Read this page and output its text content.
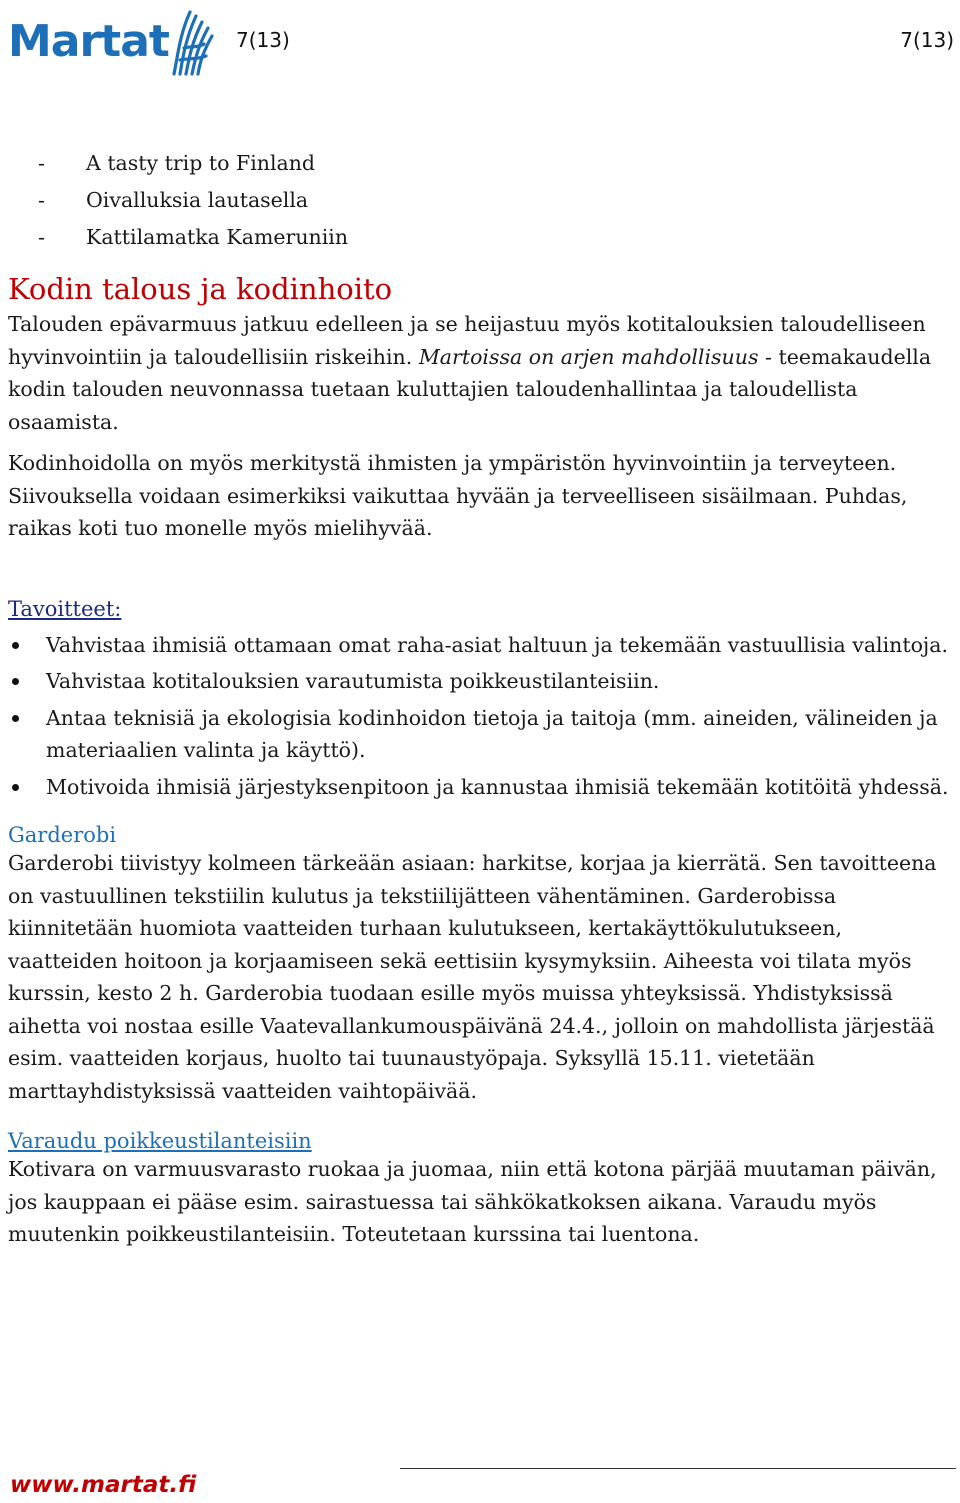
Martat	7(13)	7(13)
- A tasty trip to Finland
- Oivalluksia lautasella
- Kattilamatka Kameruniin
Kodin talous ja kodinhoito

Talouden epävarmuus jatkuu edelleen ja se heijastuu myös kotitalouksien taloudelliseen hyvinvointiin ja taloudellisiin riskeihin. Martoissa on arjen mahdollisuus - teemakaudella kodin talouden neuvonnassa tuetaan kuluttajien taloudenhallintaa ja taloudellista osaamista.

Kodinhoidolla on myös merkitystä ihmisten ja ympäristön hyvinvointiin ja terveyteen. Siivouksella voidaan esimerkiksi vaikuttaa hyvään ja terveelliseen sisäilmaan. Puhdas, raikas koti tuo monelle myös mielihyvää.

Tavoitteet:
Vahvistaa ihmisiä ottamaan omat raha-asiat haltuun ja tekemään vastuullisia valintoja.
Vahvistaa kotitalouksien varautumista poikkeustilanteisiin.
Antaa teknisiä ja ekologisia kodinhoidon tietoja ja taitoja (mm. aineiden, välineiden ja materiaalien valinta ja käyttö).
Motivoida ihmisiä järjestyksenpitoon ja kannustaa ihmisiä tekemään kotitöitä yhdessä.
Garderobi

Garderobi tiivistyy kolmeen tärkeään asiaan: harkitse, korjaa ja kierrätä. Sen tavoitteena on vastuullinen tekstiilin kulutus ja tekstiilijätteen vähentäminen. Garderobissa kiinnitetään huomiota vaatteiden turhaan kulutukseen, kertakäyttökulutukseen, vaatteiden hoitoon ja korjaamiseen sekä eettisiin kysymyksiin. Aiheesta voi tilata myös kurssin, kesto 2 h. Garderobia tuodaan esille myös muissa yhteyksissä. Yhdistyksissä aihetta voi nostaa esille Vaatevallankumouspäivänä 24.4., jolloin on mahdollista järjestää esim. vaatteiden korjaus, huolto tai tuunaustyöpaja. Syksyllä 15.11. vietetään marttayhdistyksissä vaatteiden vaihtopäivää.

Varaudu poikkeustilanteisiin

Kotivara on varmuusvarasto ruokaa ja juomaa, niin että kotona pärjää muutaman päivän, jos kauppaan ei pääse esim. sairastuessa tai sähkökatkoksen aikana. Varaudu myös muutenkin poikkeustilanteisiin. Toteutetaan kurssina tai luentona.

www.martat.fi
